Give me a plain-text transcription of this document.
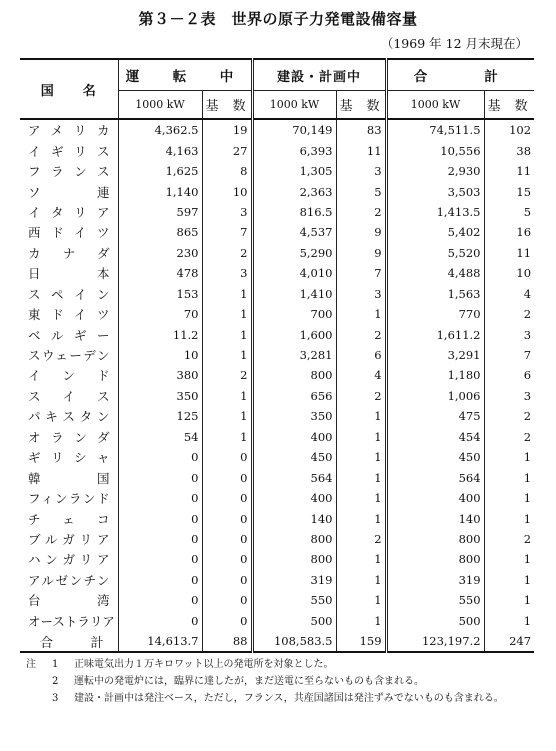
第３－２表　世界の原子力発電設備容量
（1969 年 12 月末現在）
国　　名	運　転　中		建設・計画中		合　　計	
	1000 kW	基 数	1000 kW	基 数	1000 kW	基 数
アメリカ	4,362.5	19	70,149	83	74,511.5	102
イギリス	4,163	27	6,393	11	10,556	38
フランス	1,625	8	1,305	3	2,930	11
ソ連	1,140	10	2,363	5	3,503	15
イタリア	597	3	816.5	2	1,413.5	5
西ドイツ	865	7	4,537	9	5,402	16
カナダ	230	2	5,290	9	5,520	11
日本	478	3	4,010	7	4,488	10
スペイン	153	1	1,410	3	1,563	4
東ドイツ	70	1	700	1	770	2
ベルギー	11.2	1	1,600	2	1,611.2	3
スウェーデン	10	1	3,281	6	3,291	7
インド	380	2	800	4	1,180	6
スイス	350	1	656	2	1,006	3
パキスタン	125	1	350	1	475	2
オランダ	54	1	400	1	454	2
ギリシャ	0	0	450	1	450	1
韓国	0	0	564	1	564	1
フィンランド	0	0	400	1	400	1
チェコ	0	0	140	1	140	1
ブルガリア	0	0	800	2	800	2
ハンガリア	0	0	800	1	800	1
アルゼンチン	0	0	319	1	319	1
台湾	0	0	550	1	550	1
オーストラリア	0	0	500	1	500	1
合計	14,613.7	88	108,583.5	159	123,197.2	247
注	1	正味電気出力１万キロワット以上の発電所を対象とした。
2	運転中の発電炉には，臨界に達したが，まだ送電に至らないものも含まれる。
3	建設・計画中は発注ベース，ただし，フランス，共産国諸国は発注ずみでないものも含まれる。
